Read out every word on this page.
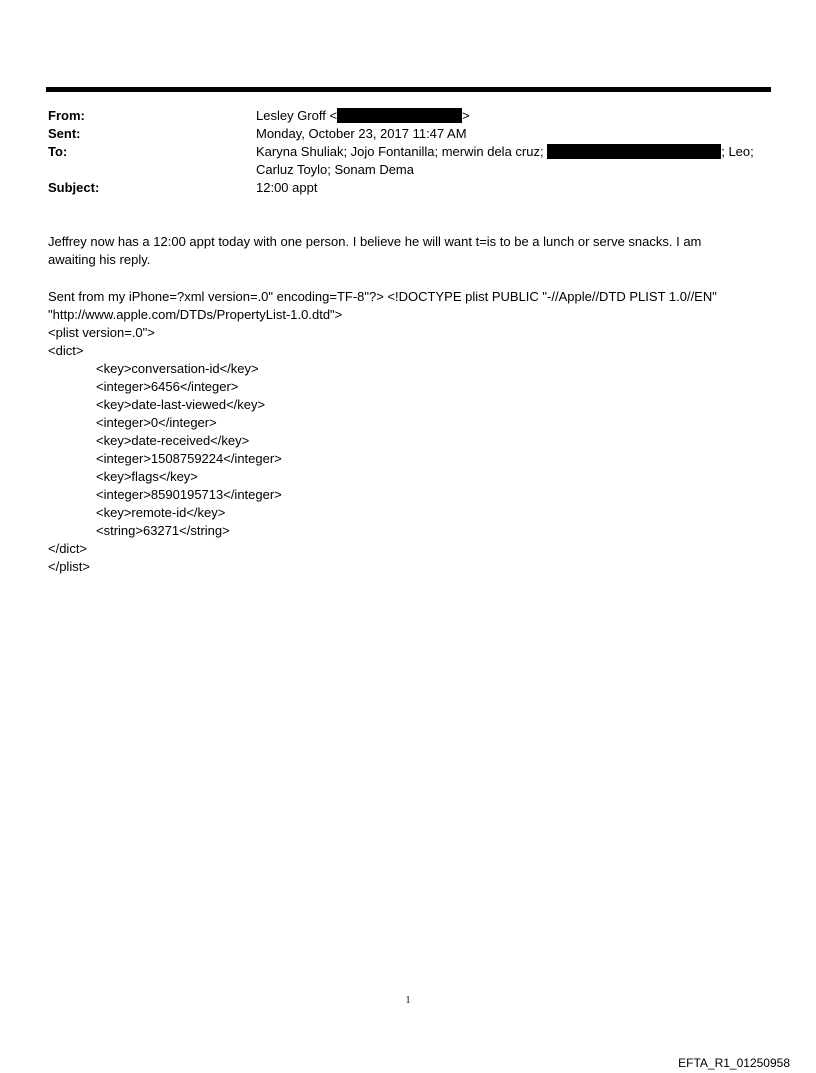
From:	Lesley Groff <	>
Sent:	Monday, October 23, 2017 11:47 AM
To:	Karyna Shuliak; Jojo Fontanilla; merwin dela cruz;	; Leo;
Carluz Toylo; Sonam Dema
Subject:	12:00 appt

Jeffrey now has a 12:00 appt today with one person. I believe he will want t=is to be a lunch or serve snacks. I am awaiting his reply.

Sent from my iPhone=?xml version=.0" encoding=TF-8"?> <!DOCTYPE plist PUBLIC "-//Apple//DTD PLIST 1.0//EN"
"http://www.apple.com/DTDs/PropertyList-1.0.dtd">
<plist version=.0">
<dict>
<key>conversation-id</key>
<integer>6456</integer>
<key>date-last-viewed</key>
<integer>0</integer>
<key>date-received</key>
<integer>1508759224</integer>
<key>flags</key>
<integer>8590195713</integer>
<key>remote-id</key>
<string>63271</string>
</dict>
</plist>
1
EFTA_R1_01250958
